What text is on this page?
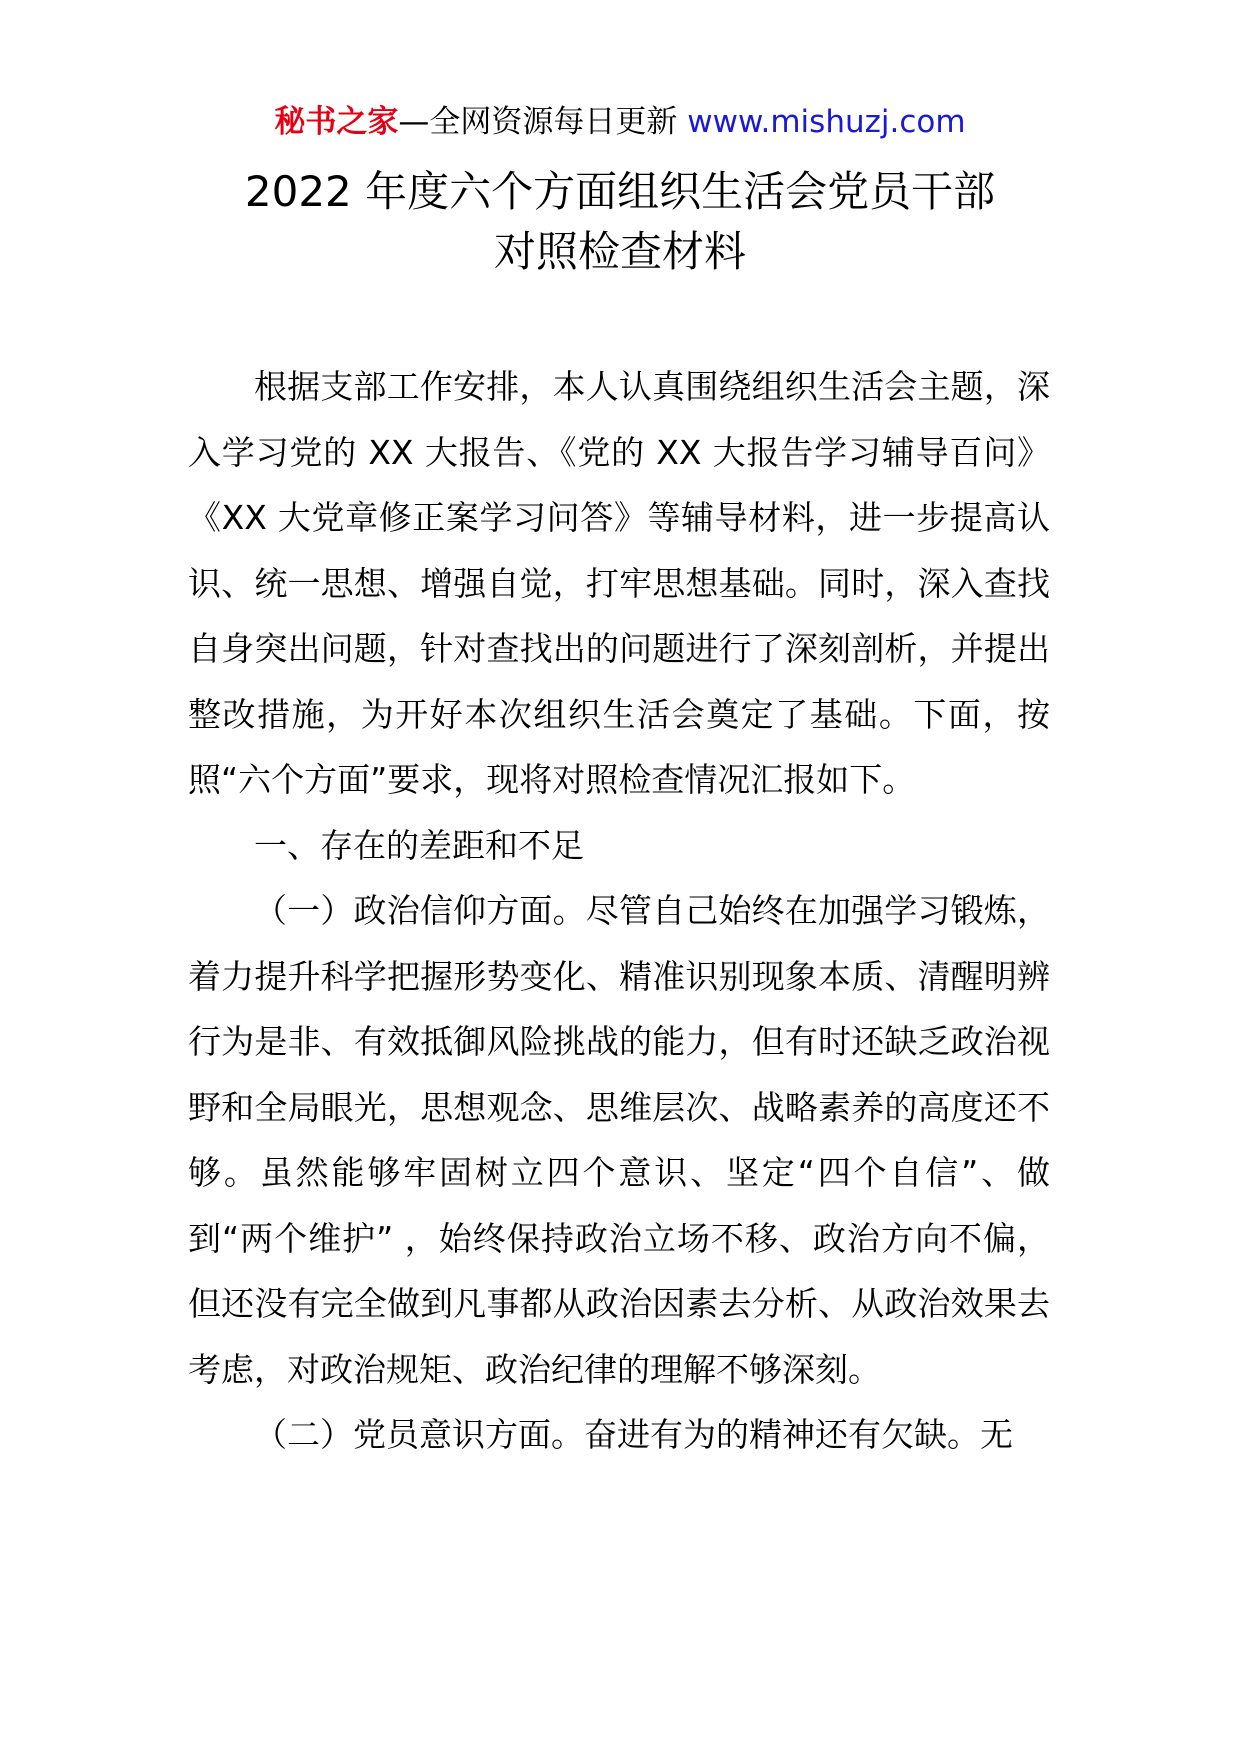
秘书之家—全网资源每日更新 www.mishuzj.com
2022 年度六个方面组织生活会党员干部
对照检查材料

根据支部工作安排，本人认真围绕组织生活会主题，深入学习党的 XX 大报告、《党的 XX 大报告学习辅导百问》《XX 大党章修正案学习问答》等辅导材料，进一步提高认识、统一思想、增强自觉，打牢思想基础。同时，深入查找自身突出问题，针对查找出的问题进行了深刻剖析，并提出整改措施，为开好本次组织生活会奠定了基础。下面，按照“六个方面”要求，现将对照检查情况汇报如下。

一、存在的差距和不足

（一）政治信仰方面。尽管自己始终在加强学习锻炼，着力提升科学把握形势变化、精准识别现象本质、清醒明辨行为是非、有效抵御风险挑战的能力，但有时还缺乏政治视野和全局眼光，思想观念、思维层次、战略素养的高度还不够。虽然能够牢固树立四个意识、坚定“四个自信”、做到“两个维护” ，始终保持政治立场不移、政治方向不偏，但还没有完全做到凡事都从政治因素去分析、从政治效果去考虑，对政治规矩、政治纪律的理解不够深刻。

（二）党员意识方面。奋进有为的精神还有欠缺。无
